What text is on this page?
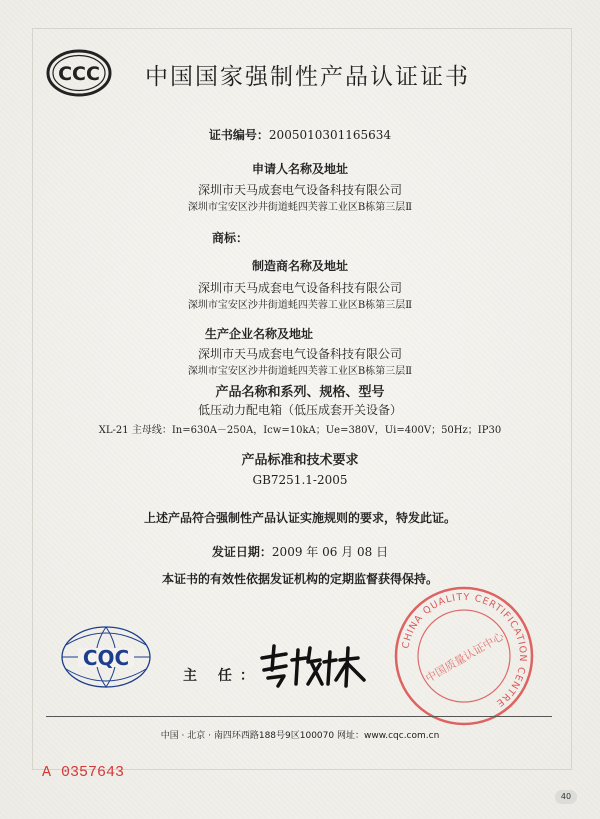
CCC 中国国家强制性产品认证证书
证书编号：2005010301165634
申请人名称及地址
深圳市天马成套电气设备科技有限公司
深圳市宝安区沙井街道蚝四芙蓉工业区B栋第三层Ⅱ
商标：
制造商名称及地址
深圳市天马成套电气设备科技有限公司
深圳市宝安区沙井街道蚝四芙蓉工业区B栋第三层Ⅱ
生产企业名称及地址
深圳市天马成套电气设备科技有限公司
深圳市宝安区沙井街道蚝四芙蓉工业区B栋第三层Ⅱ
产品名称和系列、规格、型号
低压动力配电箱（低压成套开关设备）
XL-21 主母线：In=630A－250A，Icw=10kA；Ue=380V，Ui=400V；50Hz；IP30
产品标准和技术要求
GB7251.1-2005
上述产品符合强制性产品认证实施规则的要求，特发此证。
发证日期：2009 年 06 月 08 日
本证书的有效性依据发证机构的定期监督获得保持。
CQC
主 任：
CHINA QUALITY CERTIFICATION CENTRE
中国质量认证中心
中国 · 北京 · 南四环西路188号9区100070 网址：www.cqc.com.cn
A 0357643
40
